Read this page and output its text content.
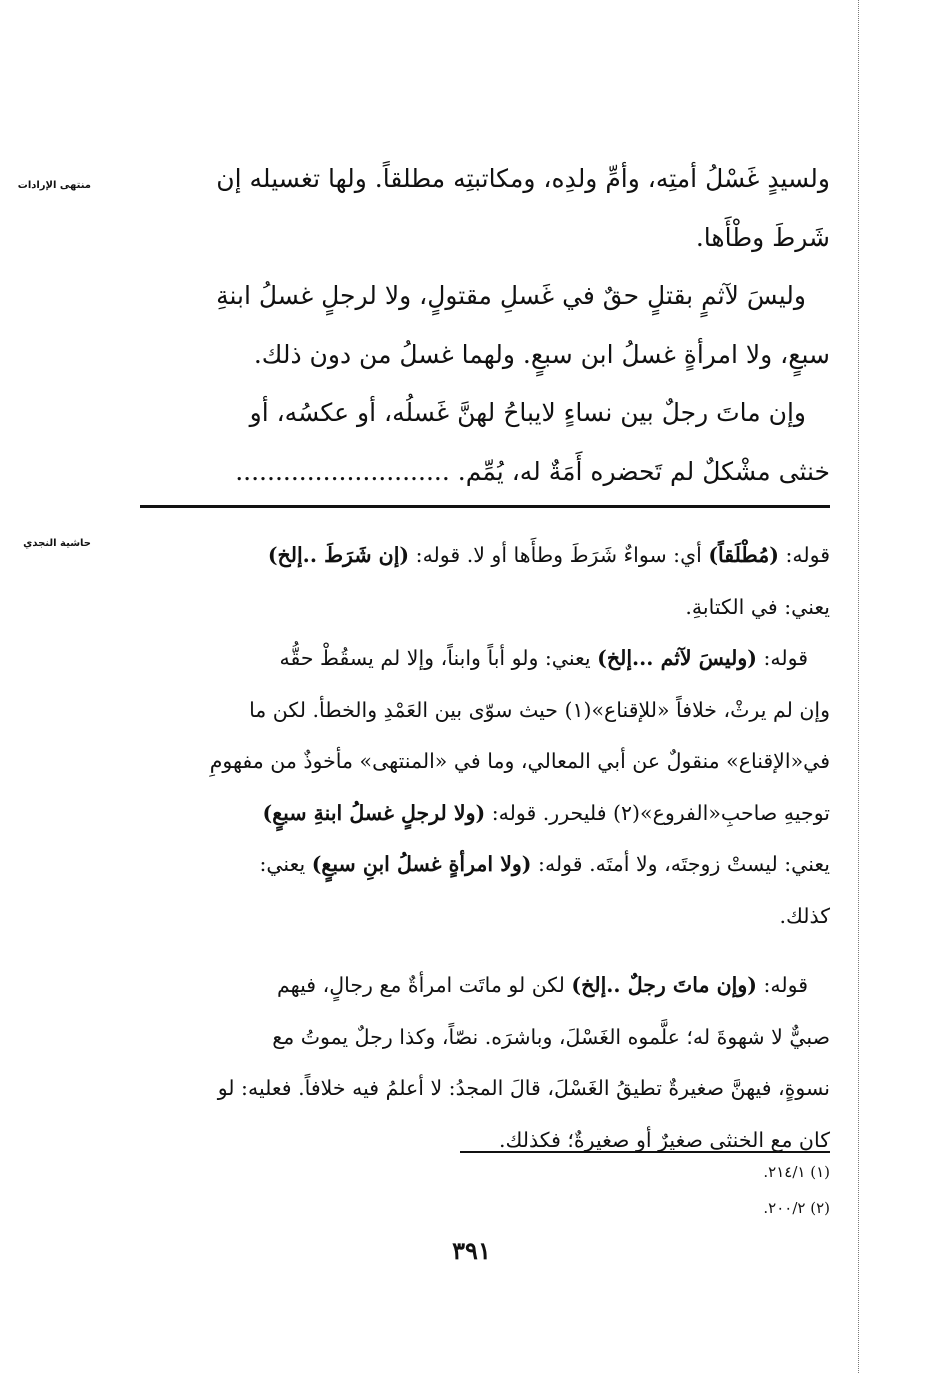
منتهى الإرادات
حاشية النجدي

ولسيدٍ غَسْلُ أمتِه، وأمِّ ولدِه، ومكاتبتِه مطلقاً. ولها تغسيله إن

شَرطَ وطْأَها.

وليسَ لآثمٍ بقتلٍ حقٌ في غَسلِ مقتولٍ، ولا لرجلٍ غسلُ ابنةِ

سبعٍ، ولا امرأةٍ غسلُ ابن سبعٍ. ولهما غسلُ من دون ذلك.

وإن ماتَ رجلٌ بين نساءٍ لايباحُ لهنَّ غَسلُه، أو عكسُه، أو

خنثى مشْكلٌ لم تَحضره أَمَةٌ له، يُمِّم. ...........................

قوله: (مُطْلَقاً) أي: سواءٌ شَرَطَ وطأَها أو لا. قوله: (إن شَرَطَ ..إلخ)

يعني: في الكتابةِ.

قوله: (وليسَ لآثم ...إلخ) يعني: ولو أباً وابناً، وإلا لم يسقُطْ حقُّه

وإن لم يرثْ، خلافاً «للإقناع»(١) حيث سوّى بين العَمْدِ والخطأ. لكن ما

في«الإقناع» منقولٌ عن أبي المعالي، وما في «المنتهى» مأخوذٌ من مفهومِ

توجيهِ صاحبِ«الفروع»(٢) فليحرر. قوله: (ولا لرجلٍ غسلُ ابنةِ سبعٍ)

يعني: ليستْ زوجتَه، ولا أمتَه. قوله: (ولا امرأةٍ غسلُ ابنِ سبعٍ) يعني:

كذلك.

قوله: (وإن ماتَ رجلٌ ..إلخ) لكن لو ماتَت امرأةٌ مع رجالٍ، فيهم

صبيٌّ لا شهوةَ له؛ علَّموه الغَسْلَ، وباشرَه. نصّاً، وكذا رجلٌ يموتُ مع

نسوةٍ، فيهنَّ صغيرةٌ تطيقُ الغَسْلَ، قالَ المجدُ: لا أعلمُ فيه خلافاً. فعليه: لو

كان مع الخنثى صغيرٌ أو صغيرةٌ؛ فكذلك.

(١) ٢١٤/١.
(٢) ٢٠٠/٢.
٣٩١
